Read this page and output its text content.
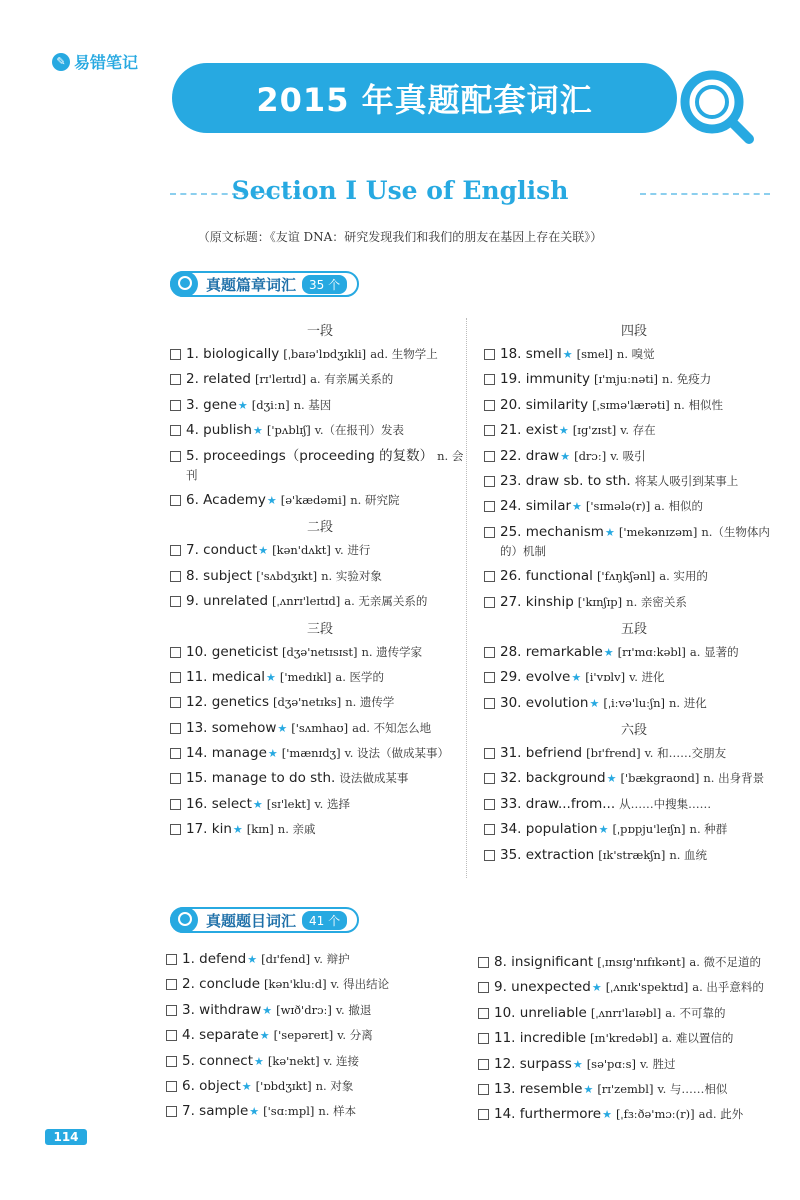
✎ 易错笔记
2015 年真题配套词汇
Section Ⅰ Use of English
（原文标题：《友谊 DNA：研究发现我们和我们的朋友在基因上存在关联》）
真题篇章词汇	35 个
一段
1. biologically [ˌbaɪə'lɒdʒɪkli] ad. 生物学上
2. related [rɪ'leɪtɪd] a. 有亲属关系的
3. gene★ [dʒiːn] n. 基因
4. publish★ ['pʌblɪʃ] v.（在报刊）发表
5. proceedings（proceeding 的复数） n. 会刊
6. Academy★ [ə'kædəmi] n. 研究院
二段
7. conduct★ [kən'dʌkt] v. 进行
8. subject ['sʌbdʒɪkt] n. 实验对象
9. unrelated [ˌʌnrɪ'leɪtɪd] a. 无亲属关系的
三段
10. geneticist [dʒə'netɪsɪst] n. 遗传学家
11. medical★ ['medɪkl] a. 医学的
12. genetics [dʒə'netɪks] n. 遗传学
13. somehow★ ['sʌmhaʊ] ad. 不知怎么地
14. manage★ ['mænɪdʒ] v. 设法（做成某事）
15. manage to do sth. 设法做成某事
16. select★ [sɪ'lekt] v. 选择
17. kin★ [kɪn] n. 亲戚
四段
18. smell★ [smel] n. 嗅觉
19. immunity [ɪ'mjuːnəti] n. 免疫力
20. similarity [ˌsɪmə'lærəti] n. 相似性
21. exist★ [ɪg'zɪst] v. 存在
22. draw★ [drɔː] v. 吸引
23. draw sb. to sth. 将某人吸引到某事上
24. similar★ ['sɪmələ(r)] a. 相似的
25. mechanism★ ['mekənɪzəm] n.（生物体内的）机制
26. functional ['fʌŋkʃənl] a. 实用的
27. kinship ['kɪnʃɪp] n. 亲密关系
五段
28. remarkable★ [rɪ'mɑːkəbl] a. 显著的
29. evolve★ [i'vɒlv] v. 进化
30. evolution★ [ˌiːvə'luːʃn] n. 进化
六段
31. befriend [bɪ'frend] v. 和……交朋友
32. background★ ['bækgraʊnd] n. 出身背景
33. draw...from... 从……中搜集……
34. population★ [ˌpɒpju'leɪʃn] n. 种群
35. extraction [ɪk'strækʃn] n. 血统
真题题目词汇	41 个
1. defend★ [dɪ'fend] v. 辩护
2. conclude [kən'kluːd] v. 得出结论
3. withdraw★ [wɪð'drɔː] v. 撤退
4. separate★ ['sepəreɪt] v. 分离
5. connect★ [kə'nekt] v. 连接
6. object★ ['ɒbdʒɪkt] n. 对象
7. sample★ ['sɑːmpl] n. 样本
8. insignificant [ˌɪnsɪg'nɪfɪkənt] a. 微不足道的
9. unexpected★ [ˌʌnɪk'spektɪd] a. 出乎意料的
10. unreliable [ˌʌnrɪ'laɪəbl] a. 不可靠的
11. incredible [ɪn'kredəbl] a. 难以置信的
12. surpass★ [sə'pɑːs] v. 胜过
13. resemble★ [rɪ'zembl] v. 与……相似
14. furthermore★ [ˌfɜːðə'mɔː(r)] ad. 此外
114
